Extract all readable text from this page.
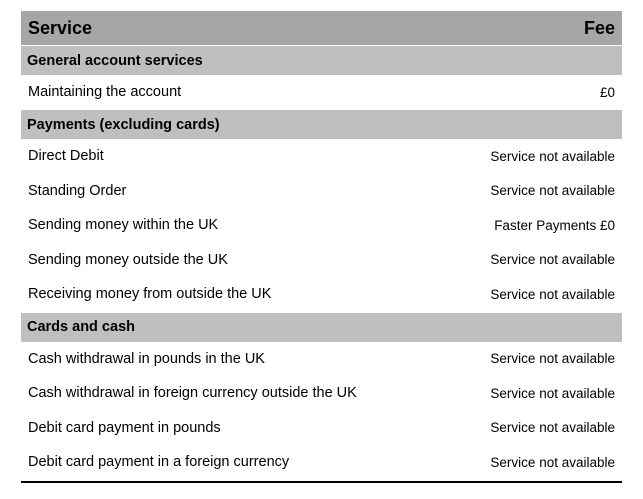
Service	Fee
General account services
Maintaining the account	£0
Payments (excluding cards)
Direct Debit	Service not available
Standing Order	Service not available
Sending money within the UK	Faster Payments £0
Sending money outside the UK	Service not available
Receiving money from outside the UK	Service not available
Cards and cash
Cash withdrawal in pounds in the UK	Service not available
Cash withdrawal in foreign currency outside the UK	Service not available
Debit card payment in pounds	Service not available
Debit card payment in a foreign currency	Service not available
